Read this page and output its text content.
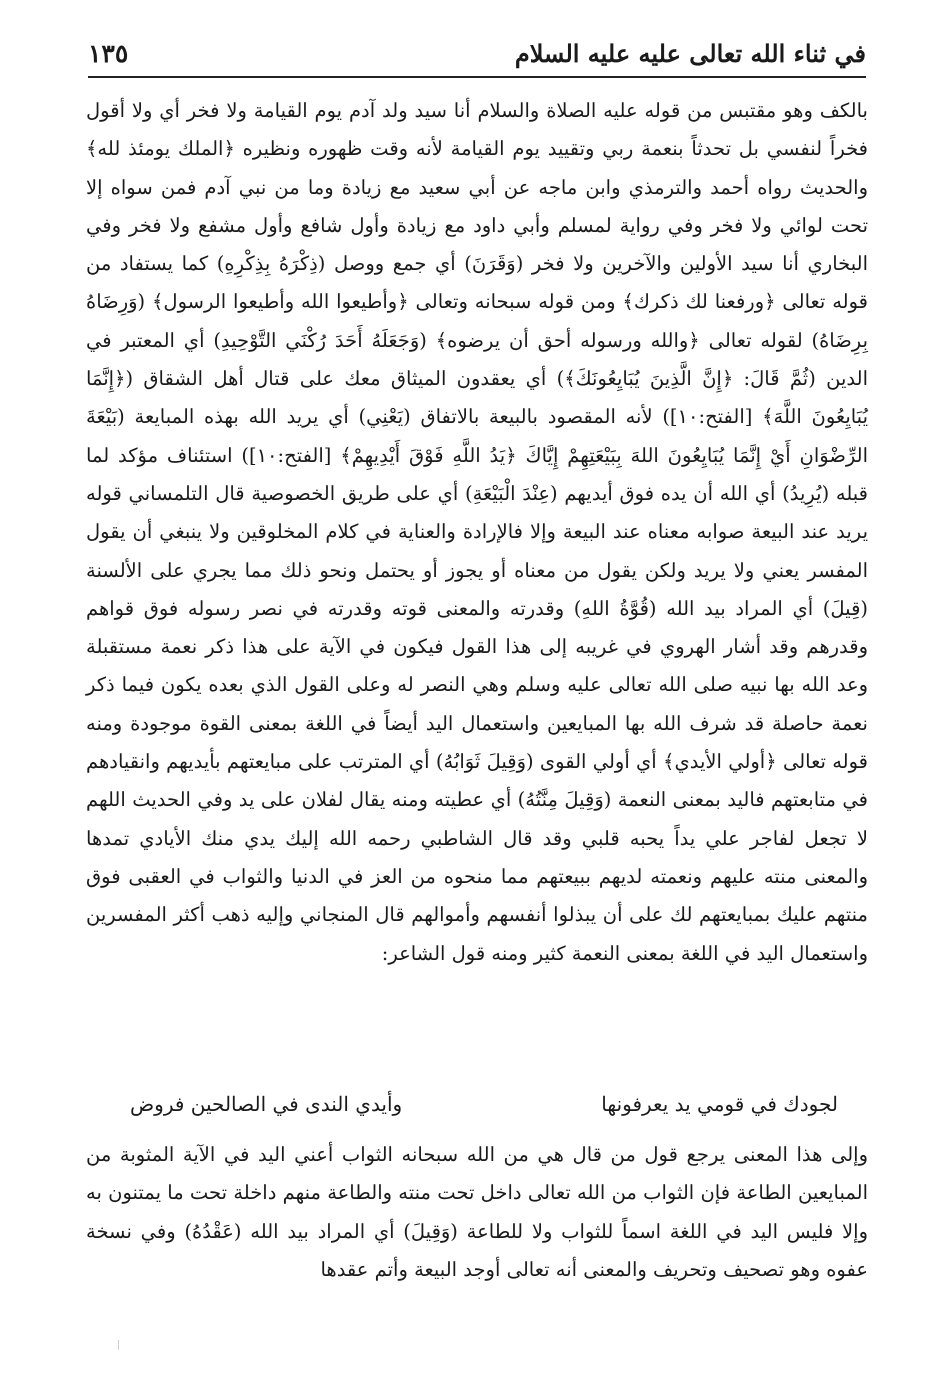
في ثناء الله تعالى عليه عليه السلام
١٣٥

بالكف وهو مقتبس من قوله عليه الصلاة والسلام أنا سيد ولد آدم يوم القيامة ولا فخر أي ولا أقول فخراً لنفسي بل تحدثاً بنعمة ربي وتقييد يوم القيامة لأنه وقت ظهوره ونظيره ﴿الملك يومئذ لله﴾ والحديث رواه أحمد والترمذي وابن ماجه عن أبي سعيد مع زيادة وما من نبي آدم فمن سواه إلا تحت لوائي ولا فخر وفي رواية لمسلم وأبي داود مع زيادة وأول شافع وأول مشفع ولا فخر وفي البخاري أنا سيد الأولين والآخرين ولا فخر (وَقَرَنَ) أي جمع ووصل (ذِكْرَهُ بِذِكْرِهِ) كما يستفاد من قوله تعالى ﴿ورفعنا لك ذكرك﴾ ومن قوله سبحانه وتعالى ﴿وأطيعوا الله وأطيعوا الرسول﴾ (وَرِضَاهُ بِرِضَاهُ) لقوله تعالى ﴿والله ورسوله أحق أن يرضوه﴾ (وَجَعَلَهُ أَحَدَ رُكْنَي التَّوْحِيدِ) أي المعتبر في الدين (ثُمَّ قَالَ: ﴿إِنَّ الَّذِينَ يُبَايِعُونَكَ﴾) أي يعقدون الميثاق معك على قتال أهل الشقاق (﴿إِنَّمَا يُبَايِعُونَ اللَّهَ﴾ [الفتح:١٠]) لأنه المقصود بالبيعة بالاتفاق (يَعْنِي) أي يريد الله بهذه المبايعة (بَيْعَةَ الرِّضْوَانِ أَيْ إِنَّمَا يُبَايِعُونَ اللهَ بِبَيْعَتِهِمْ إِيَّاكَ ﴿يَدُ اللَّهِ فَوْقَ أَيْدِيهِمْ﴾ [الفتح:١٠]) استئناف مؤكد لما قبله (يُرِيدُ) أي الله أن يده فوق أيديهم (عِنْدَ الْبَيْعَةِ) أي على طريق الخصوصية قال التلمساني قوله يريد عند البيعة صوابه معناه عند البيعة وإلا فالإرادة والعناية في كلام المخلوقين ولا ينبغي أن يقول المفسر يعني ولا يريد ولكن يقول من معناه أو يجوز أو يحتمل ونحو ذلك مما يجري على الألسنة (قِيلَ) أي المراد بيد الله (قُوَّةُ اللهِ) وقدرته والمعنى قوته وقدرته في نصر رسوله فوق قواهم وقدرهم وقد أشار الهروي في غريبه إلى هذا القول فيكون في الآية على هذا ذكر نعمة مستقبلة وعد الله بها نبيه صلى الله تعالى عليه وسلم وهي النصر له وعلى القول الذي بعده يكون فيما ذكر نعمة حاصلة قد شرف الله بها المبايعين واستعمال اليد أيضاً في اللغة بمعنى القوة موجودة ومنه قوله تعالى ﴿أولي الأيدي﴾ أي أولي القوى (وَقِيلَ ثَوَابُهُ) أي المترتب على مبايعتهم بأيديهم وانقيادهم في متابعتهم فاليد بمعنى النعمة (وَقِيلَ مِنَّتُهُ) أي عطيته ومنه يقال لفلان على يد وفي الحديث اللهم لا تجعل لفاجر علي يداً يحبه قلبي وقد قال الشاطبي رحمه الله إليك يدي منك الأيادي تمدها والمعنى منته عليهم ونعمته لديهم ببيعتهم مما منحوه من العز في الدنيا والثواب في العقبى فوق منتهم عليك بمبايعتهم لك على أن يبذلوا أنفسهم وأموالهم قال المنجاني وإليه ذهب أكثر المفسرين واستعمال اليد في اللغة بمعنى النعمة كثير ومنه قول الشاعر:

لجودك في قومي يد يعرفونها
وأيدي الندى في الصالحين فروض

وإلى هذا المعنى يرجع قول من قال هي من الله سبحانه الثواب أعني اليد في الآية المثوبة من المبايعين الطاعة فإن الثواب من الله تعالى داخل تحت منته والطاعة منهم داخلة تحت ما يمتنون به وإلا فليس اليد في اللغة اسماً للثواب ولا للطاعة (وَقِيلَ) أي المراد بيد الله (عَقْدُهُ) وفي نسخة عفوه وهو تصحيف وتحريف والمعنى أنه تعالى أوجد البيعة وأتم عقدها
